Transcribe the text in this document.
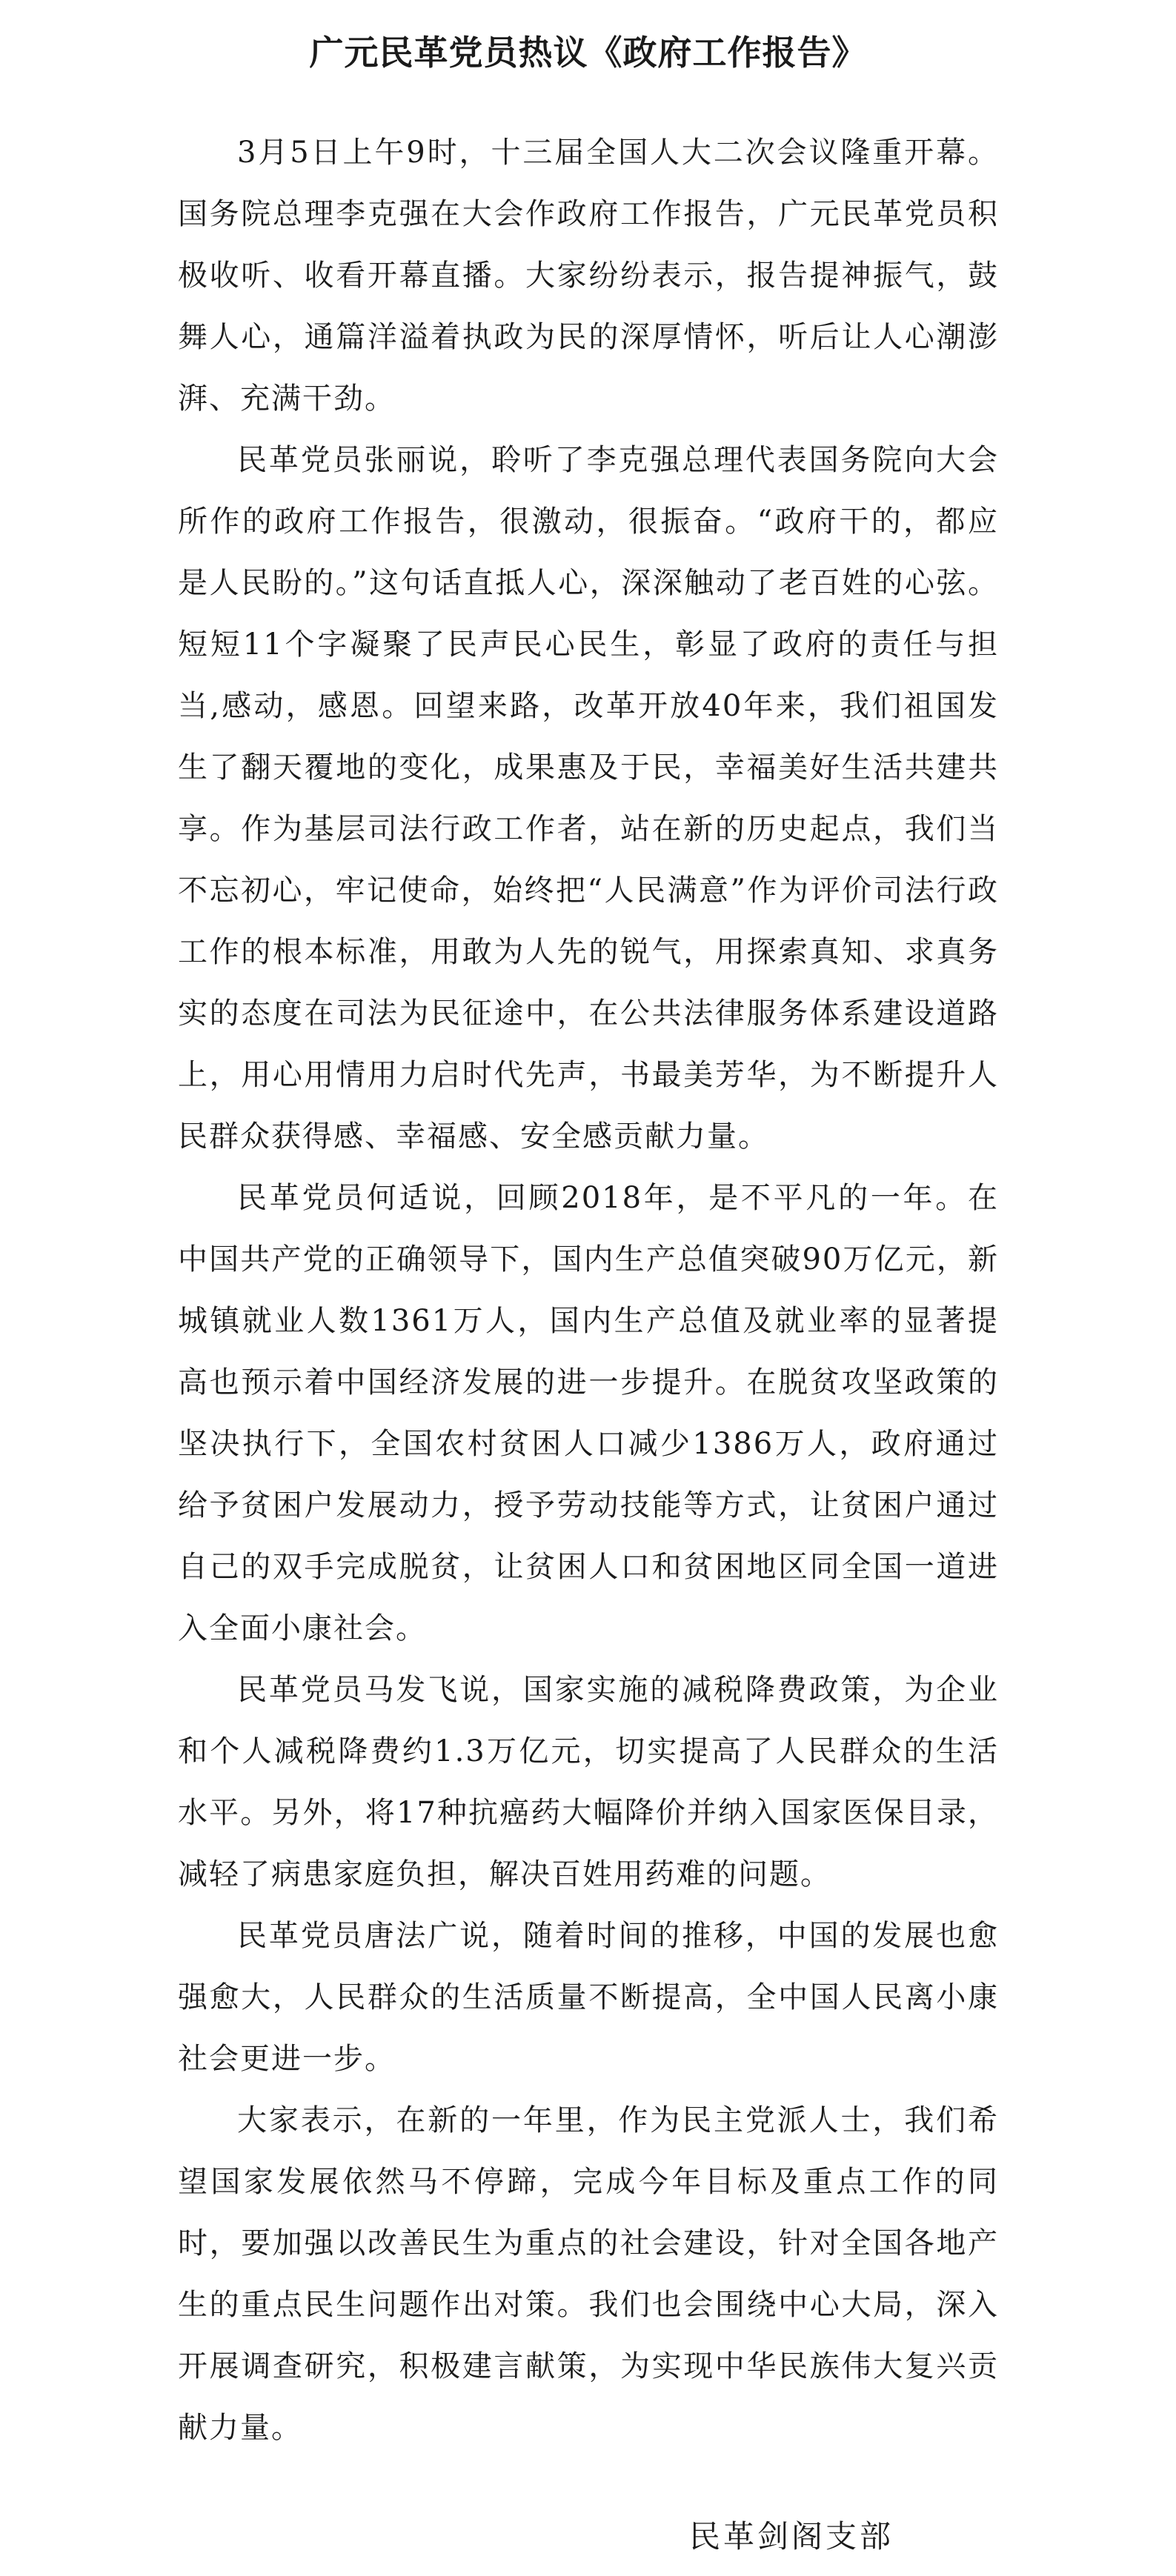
广元民革党员热议《政府工作报告》

3月5日上午9时，十三届全国人大二次会议隆重开幕。国务院总理李克强在大会作政府工作报告，广元民革党员积极收听、收看开幕直播。大家纷纷表示，报告提神振气，鼓舞人心，通篇洋溢着执政为民的深厚情怀，听后让人心潮澎湃、充满干劲。

民革党员张丽说，聆听了李克强总理代表国务院向大会所作的政府工作报告，很激动，很振奋。“政府干的，都应是人民盼的。”这句话直抵人心，深深触动了老百姓的心弦。短短11个字凝聚了民声民心民生，彰显了政府的责任与担当,感动，感恩。回望来路，改革开放40年来，我们祖国发生了翻天覆地的变化，成果惠及于民，幸福美好生活共建共享。作为基层司法行政工作者，站在新的历史起点，我们当不忘初心，牢记使命，始终把“人民满意”作为评价司法行政工作的根本标准，用敢为人先的锐气，用探索真知、求真务实的态度在司法为民征途中，在公共法律服务体系建设道路上，用心用情用力启时代先声，书最美芳华，为不断提升人民群众获得感、幸福感、安全感贡献力量。

民革党员何适说，回顾2018年，是不平凡的一年。在中国共产党的正确领导下，国内生产总值突破90万亿元，新城镇就业人数1361万人，国内生产总值及就业率的显著提高也预示着中国经济发展的进一步提升。在脱贫攻坚政策的坚决执行下，全国农村贫困人口减少1386万人，政府通过给予贫困户发展动力，授予劳动技能等方式，让贫困户通过自己的双手完成脱贫，让贫困人口和贫困地区同全国一道进入全面小康社会。

民革党员马发飞说，国家实施的减税降费政策，为企业和个人减税降费约1.3万亿元，切实提高了人民群众的生活水平。另外，将17种抗癌药大幅降价并纳入国家医保目录，减轻了病患家庭负担，解决百姓用药难的问题。

民革党员唐法广说，随着时间的推移，中国的发展也愈强愈大，人民群众的生活质量不断提高，全中国人民离小康社会更进一步。

大家表示，在新的一年里，作为民主党派人士，我们希望国家发展依然马不停蹄，完成今年目标及重点工作的同时，要加强以改善民生为重点的社会建设，针对全国各地产生的重点民生问题作出对策。我们也会围绕中心大局，深入开展调查研究，积极建言献策，为实现中华民族伟大复兴贡献力量。

民革剑阁支部
